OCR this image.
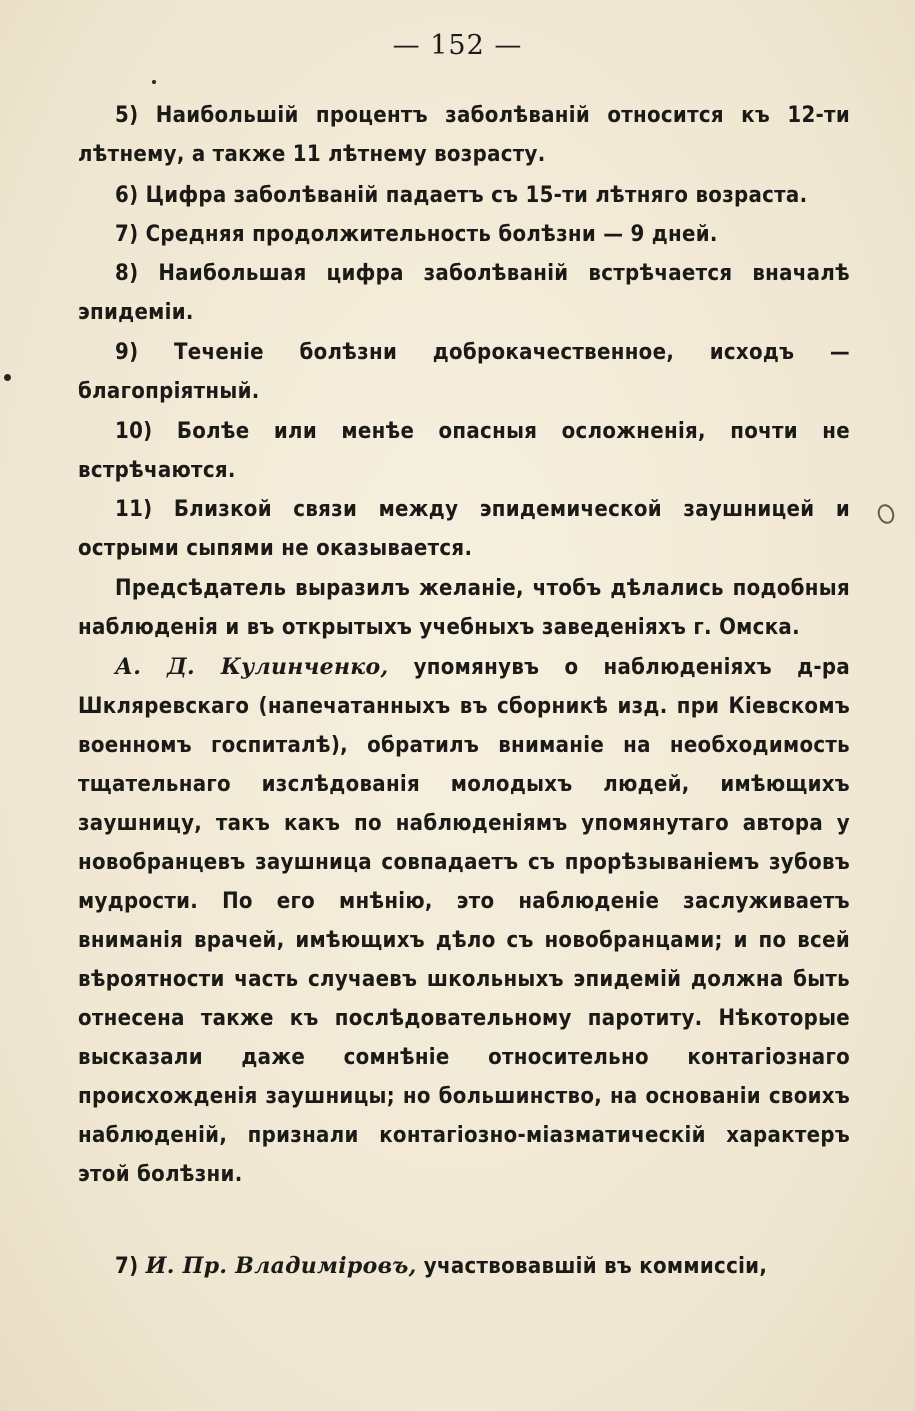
— 152 —

5) Наибольшій процентъ заболѣваній относится къ 12-ти лѣтнему, а также 11 лѣтнему возрасту.

6) Цифра заболѣваній падаетъ съ 15-ти лѣтняго возраста.

7) Средняя продолжительность болѣзни — 9 дней.

8) Наибольшая цифра заболѣваній встрѣчается вначалѣ эпидеміи.

9) Теченіе болѣзни доброкачественное, исходъ — благопріятный.

10) Болѣе или менѣе опасныя осложненія, почти не встрѣчаются.

11) Близкой связи между эпидемической заушницей и острыми сыпями не оказывается.

Предсѣдатель выразилъ желаніе, чтобъ дѣлались подобныя наблюденія и въ открытыхъ учебныхъ заведеніяхъ г. Омска.

А. Д. Кулинченко, упомянувъ о наблюденіяхъ д-ра Шкляревскаго (напечатанныхъ въ сборникѣ изд. при Кіевскомъ военномъ госпиталѣ), обратилъ вниманіе на необходимость тщательнаго изслѣдованія молодыхъ людей, имѣющихъ заушницу, такъ какъ по наблюденіямъ упомянутаго автора у новобранцевъ заушница совпадаетъ съ прорѣзываніемъ зубовъ мудрости. По его мнѣнію, это наблюденіе заслуживаетъ вниманія врачей, имѣющихъ дѣло съ новобранцами; и по всей вѣроятности часть случаевъ школьныхъ эпидемій должна быть отнесена также къ послѣдовательному паротиту. Нѣкоторые высказали даже сомнѣніе относительно контагіознаго происхожденія заушницы; но большинство, на основаніи своихъ наблюденій, признали контагіозно-міазматическій характеръ этой болѣзни.

7) И. Пр. Владимiровъ, участвовавшій въ коммиссіи,
